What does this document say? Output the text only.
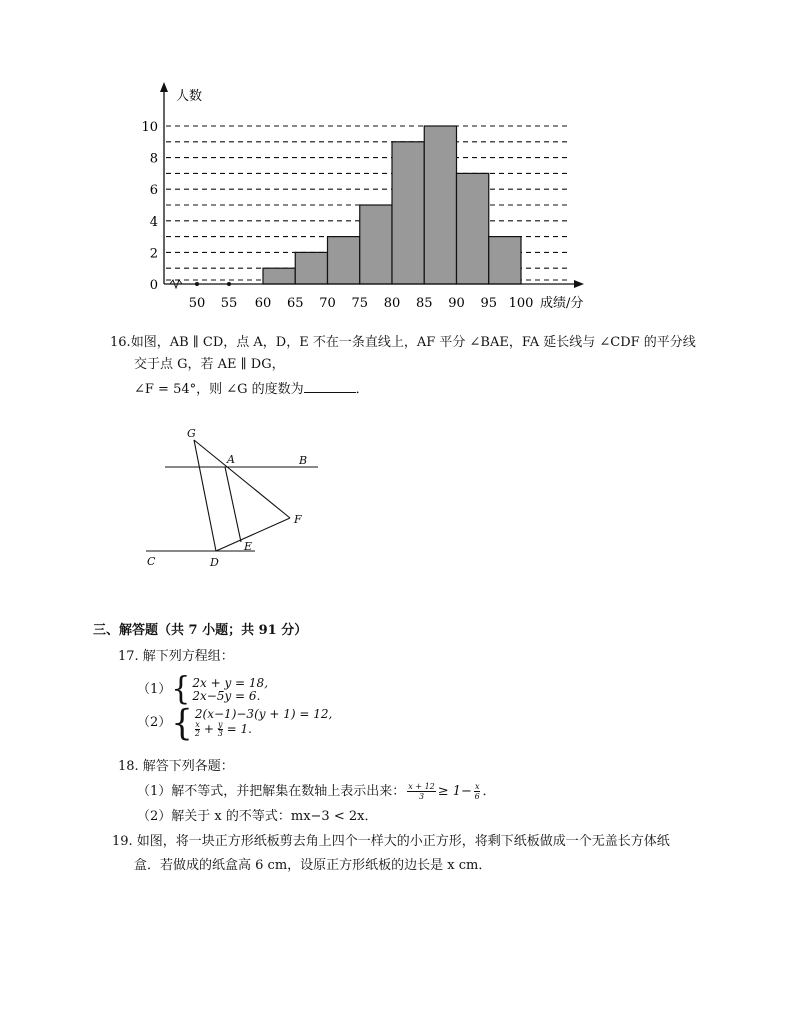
0
2
4
6
8
10
50 55 60 65 70 75 80 85 90 95 100
人数
成绩/分
16.如图，AB ∥ CD，点 A，D，E 不在一条直线上，AF 平分 ∠BAE，FA 延长线与 ∠CDF 的平分线
交于点 G，若 AE ∥ DG，
∠F = 54°，则 ∠G 的度数为	．
G
A	B
F
E
C	D
三、解答题（共 7 小题；共 91 分）
17. 解下列方程组：
（1） { 2x + y = 18,
2x−5y = 6.
（2） { 2(x−1)−3(y + 1) = 12,
$\frac{x}{2} + \frac{y}{3} = 1$.
18. 解答下列各题：
（1）解不等式，并把解集在数轴上表示出来： $\frac{x + 12}{3} \ge 1- \frac{x}{6}$ ．
（2）解关于 x 的不等式：mx−3 < 2x．
19. 如图，将一块正方形纸板剪去角上四个一样大的小正方形，将剩下纸板做成一个无盖长方体纸
盒．若做成的纸盒高 6 cm，设原正方形纸板的边长是 x cm．
